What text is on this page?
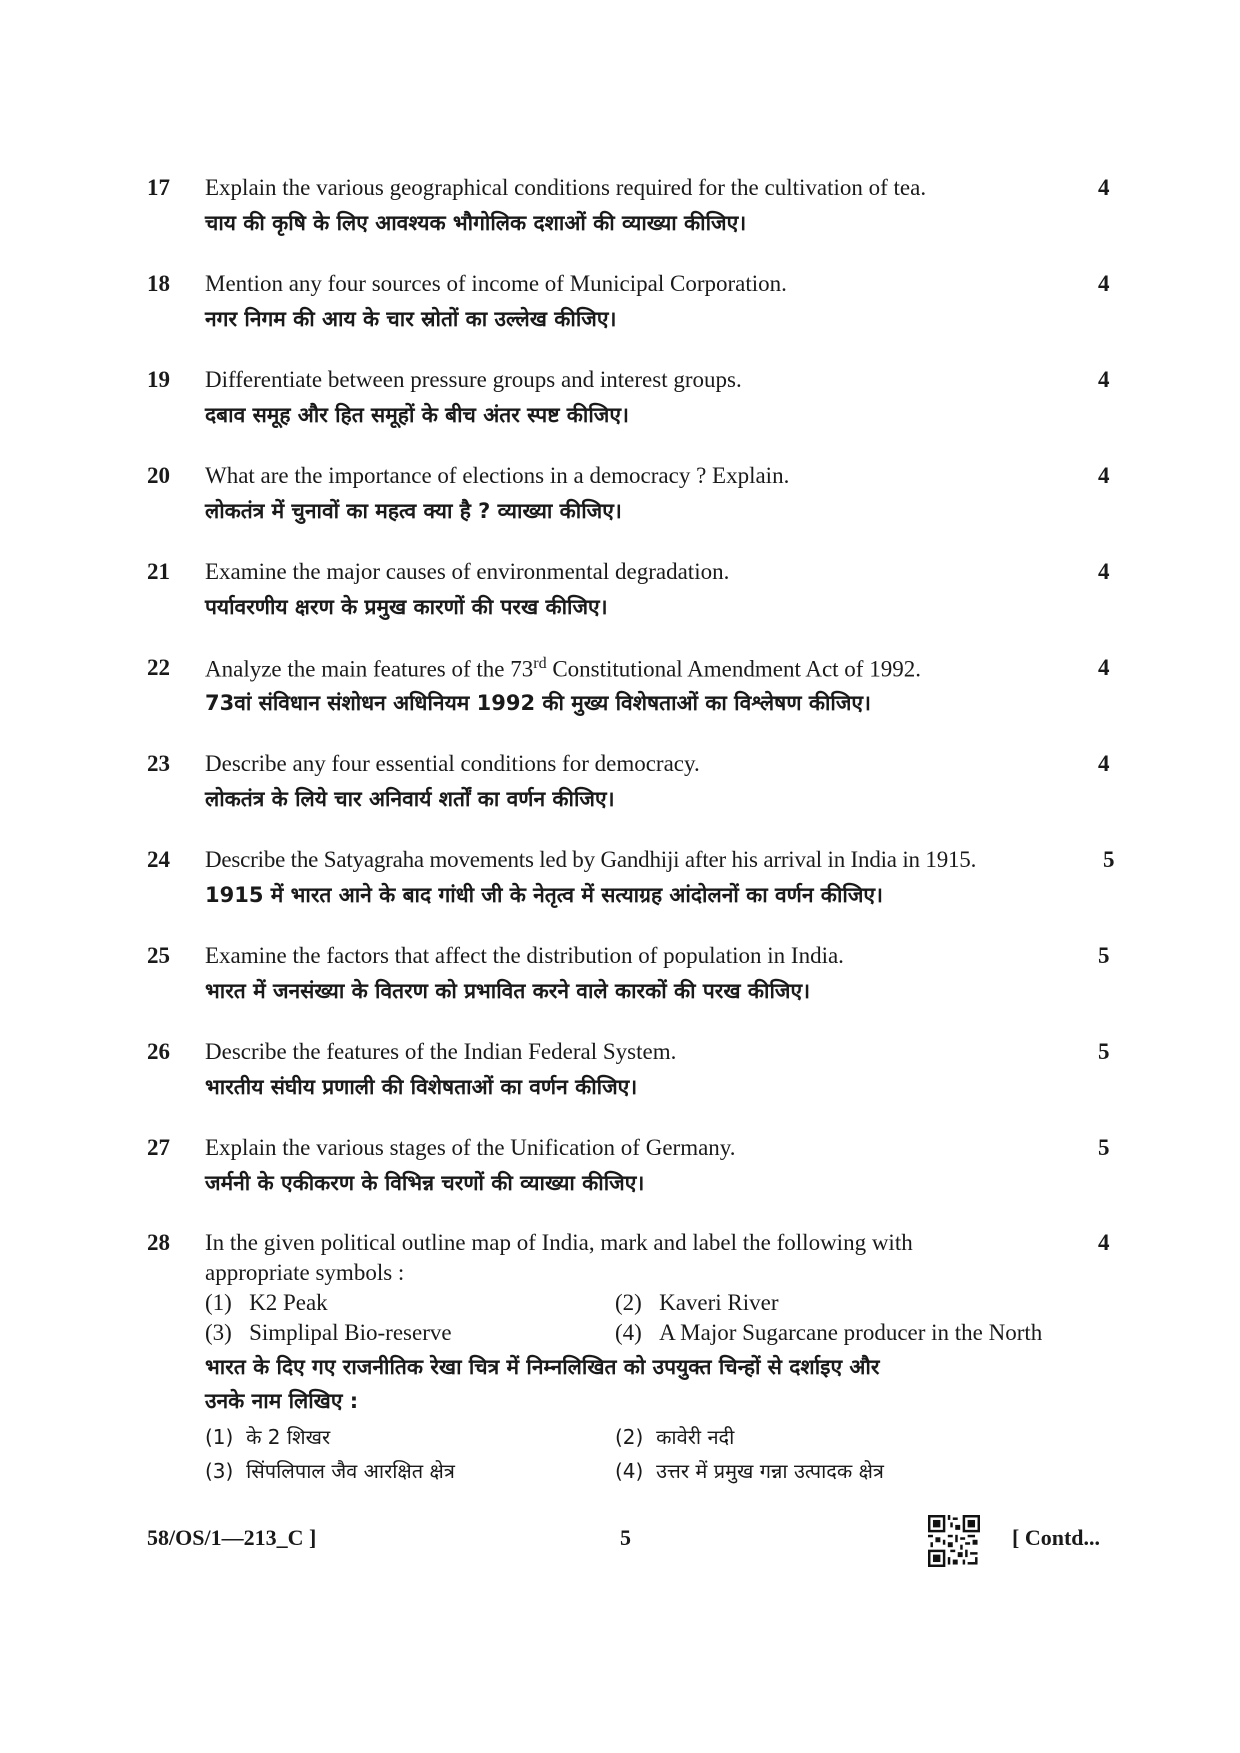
17 Explain the various geographical conditions required for the cultivation of tea.	4
चाय की कृषि के लिए आवश्यक भौगोलिक दशाओं की व्याख्या कीजिए।
18 Mention any four sources of income of Municipal Corporation.	4
नगर निगम की आय के चार स्रोतों का उल्लेख कीजिए।
19 Differentiate between pressure groups and interest groups.	4
दबाव समूह और हित समूहों के बीच अंतर स्पष्ट कीजिए।
20 What are the importance of elections in a democracy ? Explain.	4
लोकतंत्र में चुनावों का महत्व क्या है ? व्याख्या कीजिए।
21 Examine the major causes of environmental degradation.	4
पर्यावरणीय क्षरण के प्रमुख कारणों की परख कीजिए।
22 Analyze the main features of the 73rd Constitutional Amendment Act of 1992.	4
73वां संविधान संशोधन अधिनियम 1992 की मुख्य विशेषताओं का विश्लेषण कीजिए।
23 Describe any four essential conditions for democracy.	4
लोकतंत्र के लिये चार अनिवार्य शर्तों का वर्णन कीजिए।
24 Describe the Satyagraha movements led by Gandhiji after his arrival in India in 1915.	5
1915 में भारत आने के बाद गांधी जी के नेतृत्व में सत्याग्रह आंदोलनों का वर्णन कीजिए।
25 Examine the factors that affect the distribution of population in India.	5
भारत में जनसंख्या के वितरण को प्रभावित करने वाले कारकों की परख कीजिए।
26 Describe the features of the Indian Federal System.	5
भारतीय संघीय प्रणाली की विशेषताओं का वर्णन कीजिए।
27 Explain the various stages of the Unification of Germany.	5
जर्मनी के एकीकरण के विभिन्न चरणों की व्याख्या कीजिए।
28 In the given political outline map of India, mark and label the following with	4
appropriate symbols :
(1) K2 Peak	(2) Kaveri River
(3) Simplipal Bio-reserve	(4) A Major Sugarcane producer in the North
भारत के दिए गए राजनीतिक रेखा चित्र में निम्नलिखित को उपयुक्त चिन्हों से दर्शाइए और
उनके नाम लिखिए :
(1) के 2 शिखर	(2) कावेरी नदी
(3) सिंपलिपाल जैव आरक्षित क्षेत्र	(4) उत्तर में प्रमुख गन्ना उत्पादक क्षेत्र
58/OS/1—213_C ]	5	[ Contd...
